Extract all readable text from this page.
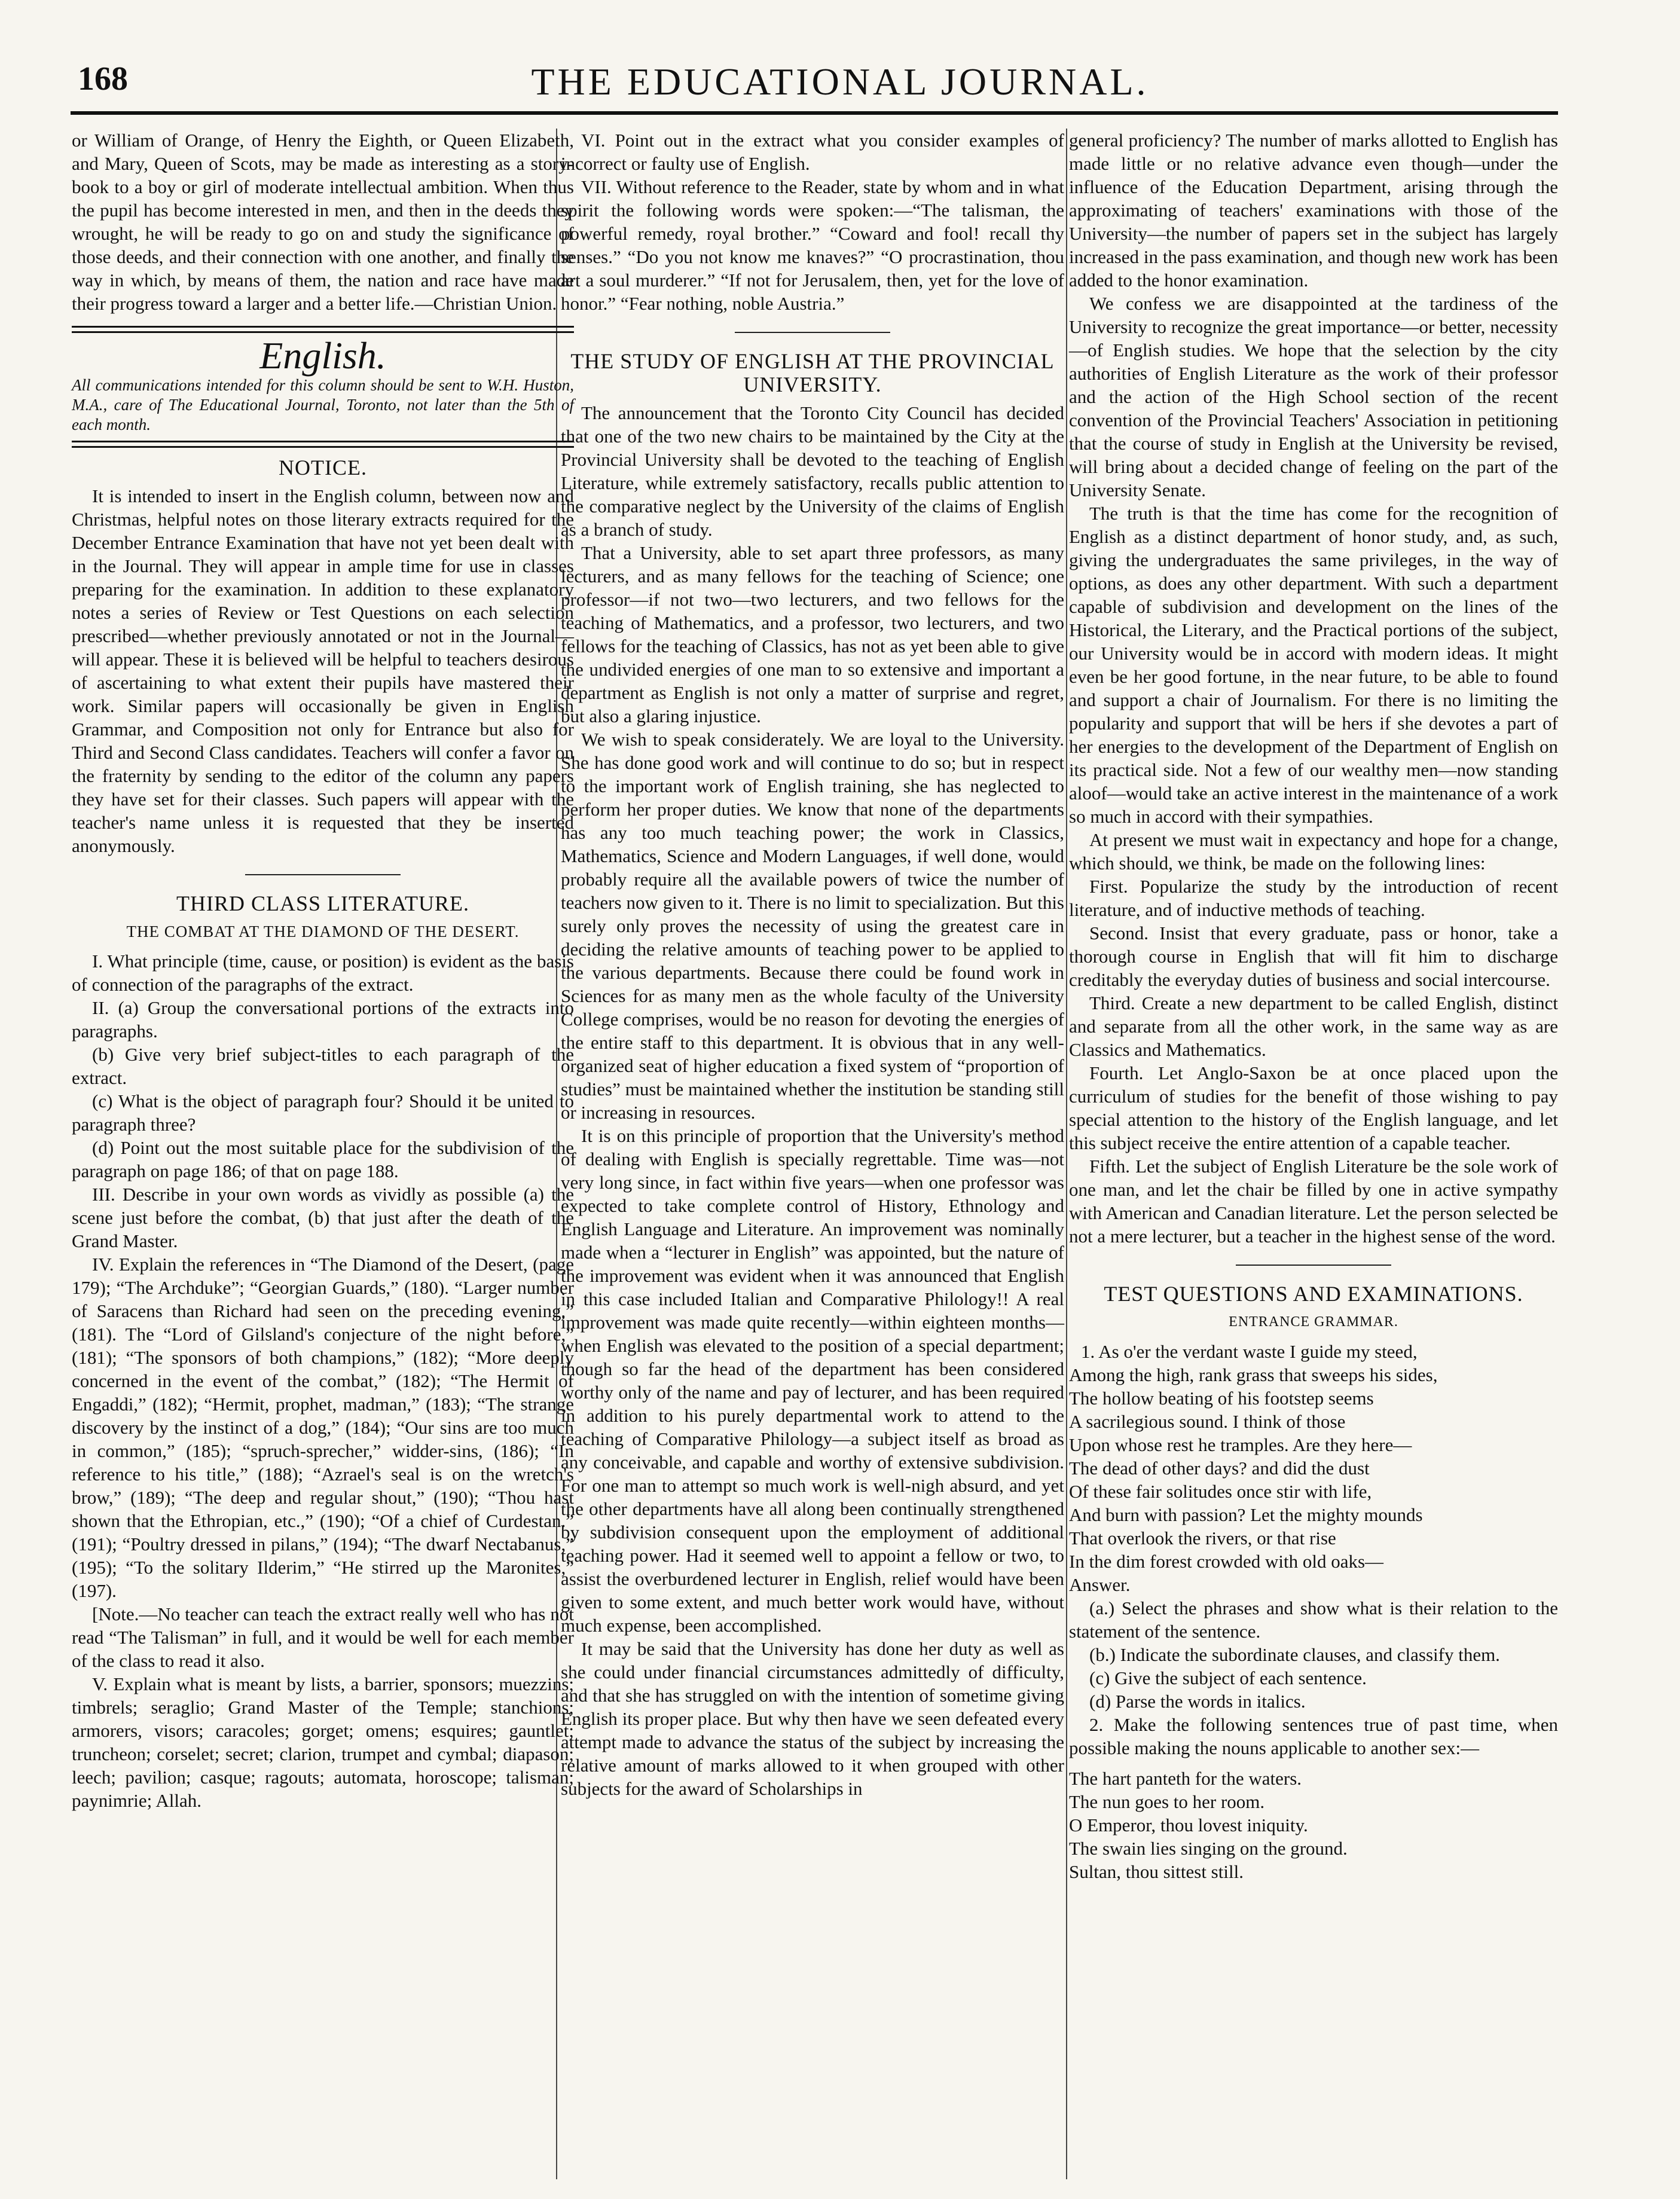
168	THE EDUCATIONAL JOURNAL.

or William of Orange, of Henry the Eighth, or Queen Elizabeth, and Mary, Queen of Scots, may be made as interesting as a story-book to a boy or girl of moderate intellectual ambition. When thus the pupil has become interested in men, and then in the deeds they wrought, he will be ready to go on and study the significance of those deeds, and their connection with one another, and finally the way in which, by means of them, the nation and race have made their progress toward a larger and a better life.—Christian Union.

English.

All communications intended for this column should be sent to W.H. Huston, M.A., care of The Educational Journal, Toronto, not later than the 5th of each month.

NOTICE.

It is intended to insert in the English column, between now and Christmas, helpful notes on those literary extracts required for the December Entrance Examination that have not yet been dealt with in the Journal. They will appear in ample time for use in classes preparing for the examination. In addition to these explanatory notes a series of Review or Test Questions on each selection prescribed—whether previously annotated or not in the Journal—will appear. These it is believed will be helpful to teachers desirous of ascertaining to what extent their pupils have mastered their work. Similar papers will occasionally be given in English Grammar, and Composition not only for Entrance but also for Third and Second Class candidates. Teachers will confer a favor on the fraternity by sending to the editor of the column any papers they have set for their classes. Such papers will appear with the teacher's name unless it is requested that they be inserted anonymously.

THIRD CLASS LITERATURE.
THE COMBAT AT THE DIAMOND OF THE DESERT.

I. What principle (time, cause, or position) is evident as the basis of connection of the paragraphs of the extract.

II. (a) Group the conversational portions of the extracts into paragraphs.

(b) Give very brief subject-titles to each paragraph of the extract.

(c) What is the object of paragraph four? Should it be united to paragraph three?

(d) Point out the most suitable place for the subdivision of the paragraph on page 186; of that on page 188.

III. Describe in your own words as vividly as possible (a) the scene just before the combat, (b) that just after the death of the Grand Master.

IV. Explain the references in “The Diamond of the Desert, (page 179); “The Archduke”; “Georgian Guards,” (180). “Larger number of Saracens than Richard had seen on the preceding evening,” (181). The “Lord of Gilsland's conjecture of the night before,” (181); “The sponsors of both champions,” (182); “More deeply concerned in the event of the combat,” (182); “The Hermit of Engaddi,” (182); “Hermit, prophet, madman,” (183); “The strange discovery by the instinct of a dog,” (184); “Our sins are too much in common,” (185); “spruch-sprecher,” widder-sins, (186); “In reference to his title,” (188); “Azrael's seal is on the wretch's brow,” (189); “The deep and regular shout,” (190); “Thou hast shown that the Ethropian, etc.,” (190); “Of a chief of Curdestan.” (191); “Poultry dressed in pilans,” (194); “The dwarf Nectabanus,” (195); “To the solitary Ilderim,” “He stirred up the Maronites,” (197).

[Note.—No teacher can teach the extract really well who has not read “The Talisman” in full, and it would be well for each member of the class to read it also.

V. Explain what is meant by lists, a barrier, sponsors; muezzins; timbrels; seraglio; Grand Master of the Temple; stanchions; armorers, visors; caracoles; gorget; omens; esquires; gauntlet; truncheon; corselet; secret; clarion, trumpet and cymbal; diapason; leech; pavilion; casque; ragouts; automata, horoscope; talisman; paynimrie; Allah.

VI. Point out in the extract what you consider examples of incorrect or faulty use of English.

VII. Without reference to the Reader, state by whom and in what spirit the following words were spoken:—“The talisman, the powerful remedy, royal brother.” “Coward and fool! recall thy senses.” “Do you not know me knaves?” “O procrastination, thou art a soul murderer.” “If not for Jerusalem, then, yet for the love of honor.” “Fear nothing, noble Austria.”

THE STUDY OF ENGLISH AT THE PROVINCIAL UNIVERSITY.

The announcement that the Toronto City Council has decided that one of the two new chairs to be maintained by the City at the Provincial University shall be devoted to the teaching of English Literature, while extremely satisfactory, recalls public attention to the comparative neglect by the University of the claims of English as a branch of study.

That a University, able to set apart three professors, as many lecturers, and as many fellows for the teaching of Science; one professor—if not two—two lecturers, and two fellows for the teaching of Mathematics, and a professor, two lecturers, and two fellows for the teaching of Classics, has not as yet been able to give the undivided energies of one man to so extensive and important a department as English is not only a matter of surprise and regret, but also a glaring injustice.

We wish to speak considerately. We are loyal to the University. She has done good work and will continue to do so; but in respect to the important work of English training, she has neglected to perform her proper duties. We know that none of the departments has any too much teaching power; the work in Classics, Mathematics, Science and Modern Languages, if well done, would probably require all the available powers of twice the number of teachers now given to it. There is no limit to specialization. But this surely only proves the necessity of using the greatest care in deciding the relative amounts of teaching power to be applied to the various departments. Because there could be found work in Sciences for as many men as the whole faculty of the University College comprises, would be no reason for devoting the energies of the entire staff to this department. It is obvious that in any well-organized seat of higher education a fixed system of “proportion of studies” must be maintained whether the institution be standing still or increasing in resources.

It is on this principle of proportion that the University's method of dealing with English is specially regrettable. Time was—not very long since, in fact within five years—when one professor was expected to take complete control of History, Ethnology and English Language and Literature. An improvement was nominally made when a “lecturer in English” was appointed, but the nature of the improvement was evident when it was announced that English in this case included Italian and Comparative Philology!! A real improvement was made quite recently—within eighteen months—when English was elevated to the position of a special department; though so far the head of the department has been considered worthy only of the name and pay of lecturer, and has been required in addition to his purely departmental work to attend to the teaching of Comparative Philology—a subject itself as broad as any conceivable, and capable and worthy of extensive subdivision. For one man to attempt so much work is well-nigh absurd, and yet the other departments have all along been continually strengthened by subdivision consequent upon the employment of additional teaching power. Had it seemed well to appoint a fellow or two, to assist the overburdened lecturer in English, relief would have been given to some extent, and much better work would have, without much expense, been accomplished.

It may be said that the University has done her duty as well as she could under financial circumstances admittedly of difficulty, and that she has struggled on with the intention of sometime giving English its proper place. But why then have we seen defeated every attempt made to advance the status of the subject by increasing the relative amount of marks allowed to it when grouped with other subjects for the award of Scholarships in

general proficiency? The number of marks allotted to English has made little or no relative advance even though—under the influence of the Education Department, arising through the approximating of teachers' examinations with those of the University—the number of papers set in the subject has largely increased in the pass examination, and though new work has been added to the honor examination.

We confess we are disappointed at the tardiness of the University to recognize the great importance—or better, necessity—of English studies. We hope that the selection by the city authorities of English Literature as the work of their professor and the action of the High School section of the recent convention of the Provincial Teachers' Association in petitioning that the course of study in English at the University be revised, will bring about a decided change of feeling on the part of the University Senate.

The truth is that the time has come for the recognition of English as a distinct department of honor study, and, as such, giving the undergraduates the same privileges, in the way of options, as does any other department. With such a department capable of subdivision and development on the lines of the Historical, the Literary, and the Practical portions of the subject, our University would be in accord with modern ideas. It might even be her good fortune, in the near future, to be able to found and support a chair of Journalism. For there is no limiting the popularity and support that will be hers if she devotes a part of her energies to the development of the Department of English on its practical side. Not a few of our wealthy men—now standing aloof—would take an active interest in the maintenance of a work so much in accord with their sympathies.

At present we must wait in expectancy and hope for a change, which should, we think, be made on the following lines:

First. Popularize the study by the introduction of recent literature, and of inductive methods of teaching.

Second. Insist that every graduate, pass or honor, take a thorough course in English that will fit him to discharge creditably the everyday duties of business and social intercourse.

Third. Create a new department to be called English, distinct and separate from all the other work, in the same way as are Classics and Mathematics.

Fourth. Let Anglo-Saxon be at once placed upon the curriculum of studies for the benefit of those wishing to pay special attention to the history of the English language, and let this subject receive the entire attention of a capable teacher.

Fifth. Let the subject of English Literature be the sole work of one man, and let the chair be filled by one in active sympathy with American and Canadian literature. Let the person selected be not a mere lecturer, but a teacher in the highest sense of the word.

TEST QUESTIONS AND EXAMINATIONS.
ENTRANCE GRAMMAR.
1. As o'er the verdant waste I guide my steed,
Among the high, rank grass that sweeps his sides,
The hollow beating of his footstep seems
A sacrilegious sound. I think of those
Upon whose rest he tramples. Are they here—
The dead of other days? and did the dust
Of these fair solitudes once stir with life,
And burn with passion? Let the mighty mounds
That overlook the rivers, or that rise
In the dim forest crowded with old oaks—
Answer.

(a.) Select the phrases and show what is their relation to the statement of the sentence.

(b.) Indicate the subordinate clauses, and classify them.

(c) Give the subject of each sentence.

(d) Parse the words in italics.

2. Make the following sentences true of past time, when possible making the nouns applicable to another sex:—

The hart panteth for the waters.
The nun goes to her room.
O Emperor, thou lovest iniquity.
The swain lies singing on the ground.
Sultan, thou sittest still.
